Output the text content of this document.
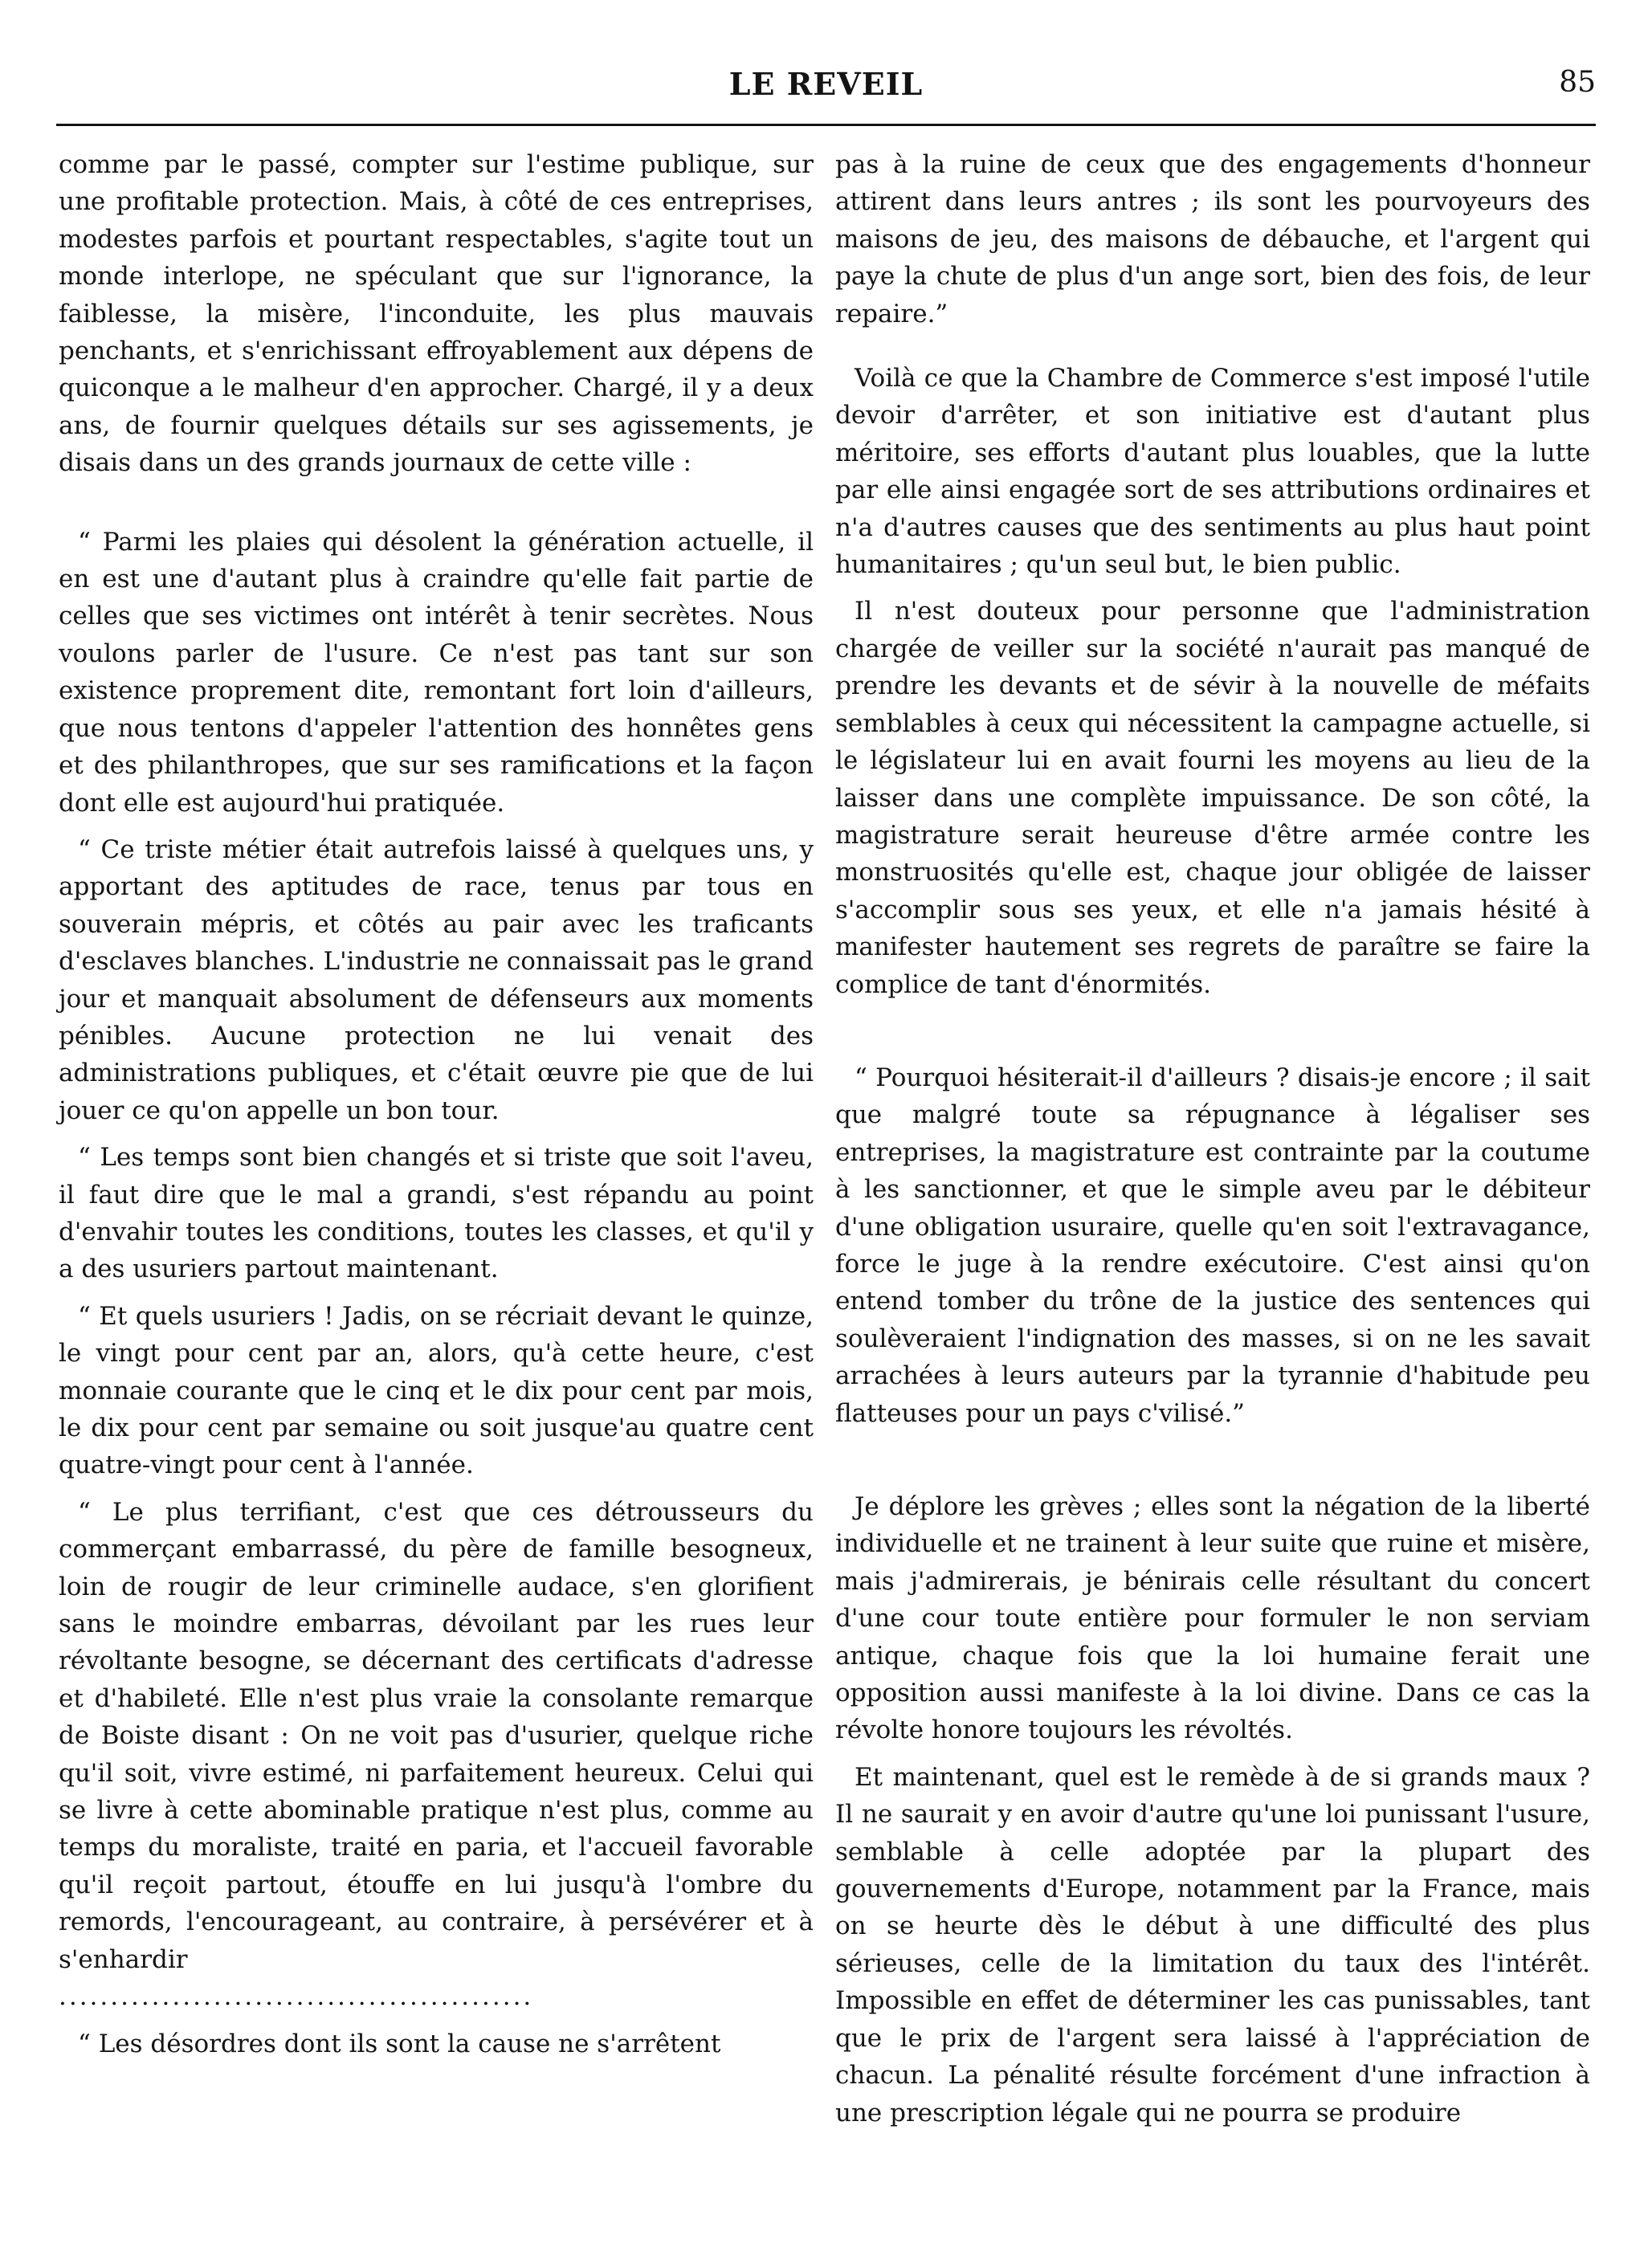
LE REVEIL	85

comme par le passé, compter sur l'estime publique, sur une profitable protection. Mais, à côté de ces entreprises, modestes parfois et pourtant respectables, s'agite tout un monde interlope, ne spéculant que sur l'ignorance, la faiblesse, la misère, l'inconduite, les plus mauvais penchants, et s'enrichissant effroyablement aux dépens de quiconque a le malheur d'en approcher. Chargé, il y a deux ans, de fournir quelques détails sur ses agissements, je disais dans un des grands journaux de cette ville :

“ Parmi les plaies qui désolent la génération actuelle, il en est une d'autant plus à craindre qu'elle fait partie de celles que ses victimes ont intérêt à tenir secrètes. Nous voulons parler de l'usure. Ce n'est pas tant sur son existence proprement dite, remontant fort loin d'ailleurs, que nous tentons d'appeler l'attention des honnêtes gens et des philanthropes, que sur ses ramifications et la façon dont elle est aujourd'hui pratiquée.

“ Ce triste métier était autrefois laissé à quelques uns, y apportant des aptitudes de race, tenus par tous en souverain mépris, et côtés au pair avec les traficants d'esclaves blanches. L'industrie ne connaissait pas le grand jour et manquait absolument de défenseurs aux moments pénibles. Aucune protection ne lui venait des administrations publiques, et c'était œuvre pie que de lui jouer ce qu'on appelle un bon tour.

“ Les temps sont bien changés et si triste que soit l'aveu, il faut dire que le mal a grandi, s'est répandu au point d'envahir toutes les conditions, toutes les classes, et qu'il y a des usuriers partout maintenant.

“ Et quels usuriers ! Jadis, on se récriait devant le quinze, le vingt pour cent par an, alors, qu'à cette heure, c'est monnaie courante que le cinq et le dix pour cent par mois, le dix pour cent par semaine ou soit jusque'au quatre cent quatre-vingt pour cent à l'année.

“ Le plus terrifiant, c'est que ces détrousseurs du commerçant embarrassé, du père de famille besogneux, loin de rougir de leur criminelle audace, s'en glorifient sans le moindre embarras, dévoilant par les rues leur révoltante besogne, se décernant des certificats d'adresse et d'habileté. Elle n'est plus vraie la consolante remarque de Boiste disant : On ne voit pas d'usurier, quelque riche qu'il soit, vivre estimé, ni parfaitement heureux. Celui qui se livre à cette abominable pratique n'est plus, comme au temps du moraliste, traité en paria, et l'accueil favorable qu'il reçoit partout, étouffe en lui jusqu'à l'ombre du remords, l'encourageant, au contraire, à persévérer et à s'enhardir

..............................................

“ Les désordres dont ils sont la cause ne s'arrêtent

pas à la ruine de ceux que des engagements d'honneur attirent dans leurs antres ; ils sont les pourvoyeurs des maisons de jeu, des maisons de débauche, et l'argent qui paye la chute de plus d'un ange sort, bien des fois, de leur repaire.”

Voilà ce que la Chambre de Commerce s'est imposé l'utile devoir d'arrêter, et son initiative est d'autant plus méritoire, ses efforts d'autant plus louables, que la lutte par elle ainsi engagée sort de ses attributions ordinaires et n'a d'autres causes que des sentiments au plus haut point humanitaires ; qu'un seul but, le bien public.

Il n'est douteux pour personne que l'administration chargée de veiller sur la société n'aurait pas manqué de prendre les devants et de sévir à la nouvelle de méfaits semblables à ceux qui nécessitent la campagne actuelle, si le législateur lui en avait fourni les moyens au lieu de la laisser dans une complète impuissance. De son côté, la magistrature serait heureuse d'être armée contre les monstruosités qu'elle est, chaque jour obligée de laisser s'accomplir sous ses yeux, et elle n'a jamais hésité à manifester hautement ses regrets de paraître se faire la complice de tant d'énormités.

“ Pourquoi hésiterait-il d'ailleurs ? disais-je encore ; il sait que malgré toute sa répugnance à légaliser ses entreprises, la magistrature est contrainte par la coutume à les sanctionner, et que le simple aveu par le débiteur d'une obligation usuraire, quelle qu'en soit l'extravagance, force le juge à la rendre exécutoire. C'est ainsi qu'on entend tomber du trône de la justice des sentences qui soulèveraient l'indignation des masses, si on ne les savait arrachées à leurs auteurs par la tyrannie d'habitude peu flatteuses pour un pays c'vilisé.”

Je déplore les grèves ; elles sont la négation de la liberté individuelle et ne trainent à leur suite que ruine et misère, mais j'admirerais, je bénirais celle résultant du concert d'une cour toute entière pour formuler le non serviam antique, chaque fois que la loi humaine ferait une opposition aussi manifeste à la loi divine. Dans ce cas la révolte honore toujours les révoltés.

Et maintenant, quel est le remède à de si grands maux ? Il ne saurait y en avoir d'autre qu'une loi punissant l'usure, semblable à celle adoptée par la plupart des gouvernements d'Europe, notamment par la France, mais on se heurte dès le début à une difficulté des plus sérieuses, celle de la limitation du taux des l'intérêt. Impossible en effet de déterminer les cas punissables, tant que le prix de l'argent sera laissé à l'appréciation de chacun. La pénalité résulte forcément d'une infraction à une prescription légale qui ne pourra se produire
